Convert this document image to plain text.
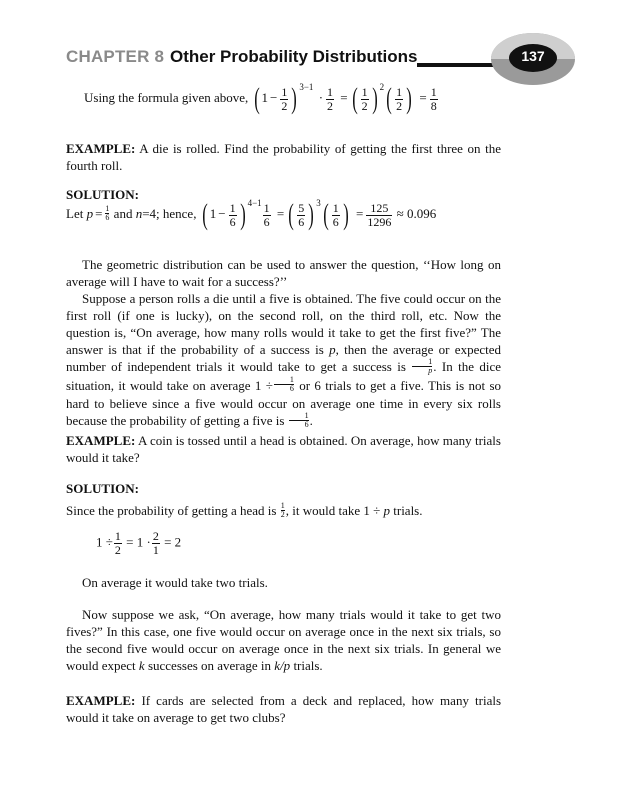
CHAPTER 8 Other Probability Distributions	137
Using the formula given above, ( $1 - \frac{1}{2}$ ) $^{3-1} \cdot \frac{1}{2}$ = ( $\frac{1}{2}$ ) $^2( \frac{1}{2}$ ) = $\frac{1}{8}$

EXAMPLE: A die is rolled. Find the probability of getting the first three on the fourth roll.

SOLUTION:

Let $p = \frac{1}{6}$ and n=4; hence, ( $1 - \frac{1}{6}$ ) $^{4-1} \frac{1}{6}$ = ( $\frac{5}{6}$ ) $^3( \frac{1}{6}$ ) = $\frac{125}{1296} \approx 0.096$

The geometric distribution can be used to answer the question, ‘‘How long on average will I have to wait for a success?’’

Suppose a person rolls a die until a five is obtained. The five could occur on the first roll (if one is lucky), on the second roll, on the third roll, etc. Now the question is, “On average, how many rolls would it take to get the first five?” The answer is that if the probability of a success is p, then the average or expected number of independent trials it would take to get a success is $\frac{1}{p}$ . In the dice situation, it would take on average $1 \div \frac{1}{6}$ or 6 trials to get a five. This is not so hard to believe since a five would occur on average one time in every six rolls because the probability of getting a five is $\frac{1}{6}$ .

EXAMPLE: A coin is tossed until a head is obtained. On average, how many trials would it take?

SOLUTION:

Since the probability of getting a head is $\frac{1}{2}$ , it would take 1 ÷ p trials.

$1 \div \frac{1}{2} = 1 \cdot \frac{2}{1} = 2$

On average it would take two trials.

Now suppose we ask, “On average, how many trials would it take to get two fives?” In this case, one five would occur on average once in the next six trials, so the second five would occur on average once in the next six trials. In general we would expect k successes on average in k/p trials.

EXAMPLE: If cards are selected from a deck and replaced, how many trials would it take on average to get two clubs?
